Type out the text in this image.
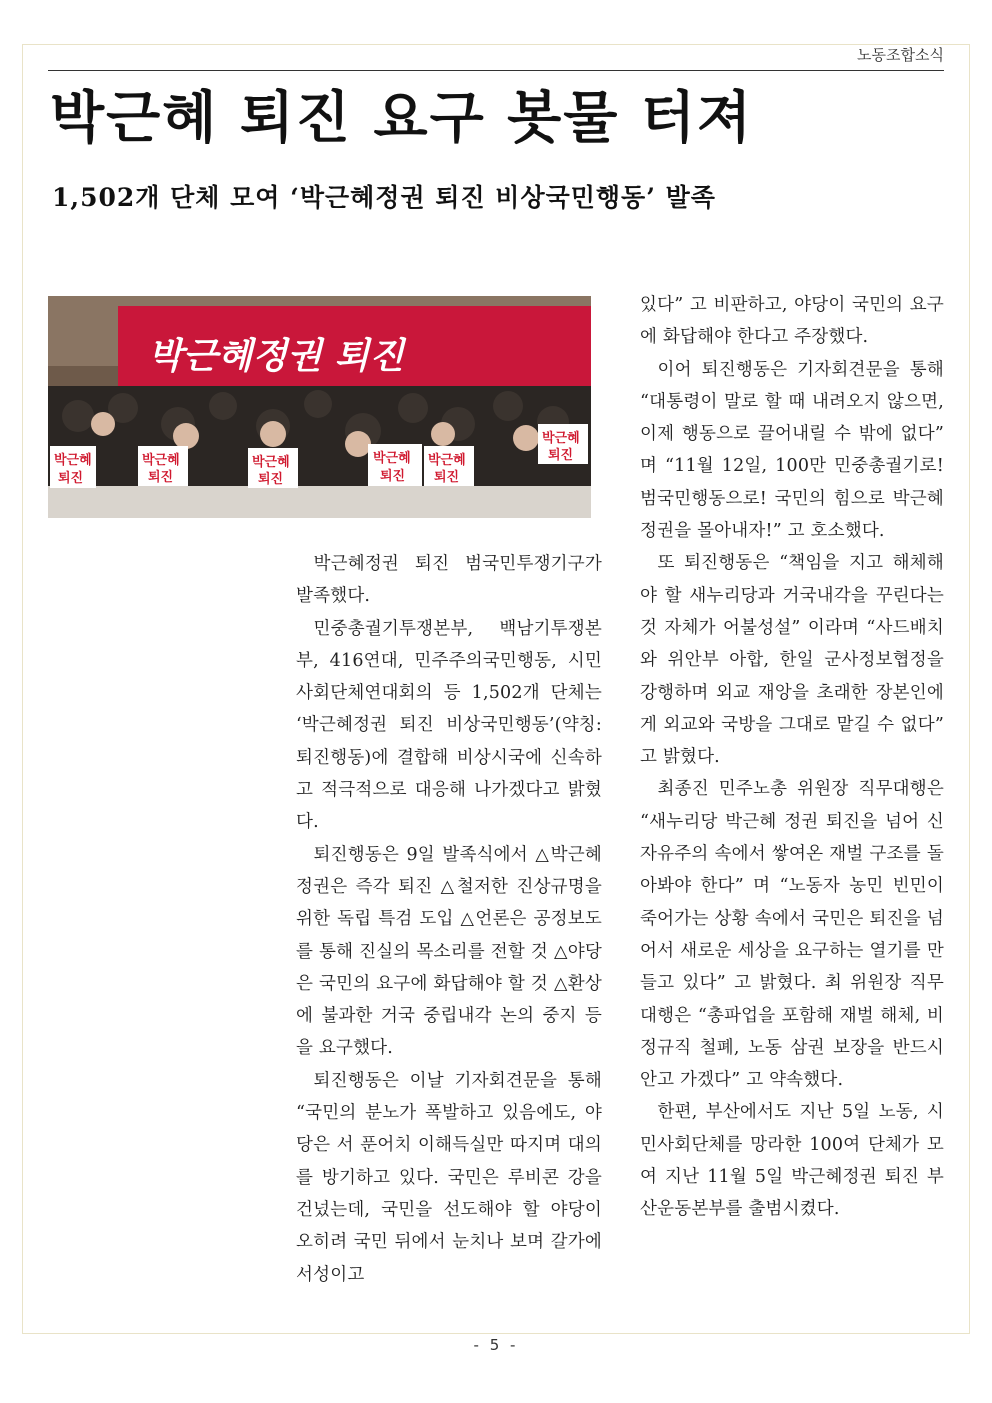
노동조합소식
박근혜 퇴진 요구 봇물 터져
1,502개 단체 모여 ‘박근혜정권 퇴진 비상국민행동’ 발족
박근혜정권 퇴진
박근혜
퇴진
박근혜
퇴진
박근혜
퇴진
박근혜
퇴진
박근혜
퇴진
박근혜
퇴진

박근혜정권 퇴진 범국민투쟁기구가 발족했다.

민중총궐기투쟁본부, 백남기투쟁본부, 416연대, 민주주의국민행동, 시민사회단체연대회의 등 1,502개 단체는 ‘박근혜정권 퇴진 비상국민행동’(약칭: 퇴진행동)에 결합해 비상시국에 신속하고 적극적으로 대응해 나가겠다고 밝혔다.

퇴진행동은 9일 발족식에서 △박근혜 정권은 즉각 퇴진 △철저한 진상규명을 위한 독립 특검 도입 △언론은 공정보도를 통해 진실의 목소리를 전할 것 △야당은 국민의 요구에 화답해야 할 것 △환상에 불과한 거국 중립내각 논의 중지 등을 요구했다.

퇴진행동은 이날 기자회견문을 통해 “국민의 분노가 폭발하고 있음에도, 야당은 서 푼어치 이해득실만 따지며 대의를 방기하고 있다. 국민은 루비콘 강을 건넜는데, 국민을 선도해야 할 야당이 오히려 국민 뒤에서 눈치나 보며 갈가에 서성이고

있다” 고 비판하고, 야당이 국민의 요구에 화답해야 한다고 주장했다.

이어 퇴진행동은 기자회견문을 통해 “대통령이 말로 할 때 내려오지 않으면, 이제 행동으로 끌어내릴 수 밖에 없다” 며 “11월 12일, 100만 민중총궐기로! 범국민행동으로! 국민의 힘으로 박근혜 정권을 몰아내자!” 고 호소했다.

또 퇴진행동은 “책임을 지고 해체해야 할 새누리당과 거국내각을 꾸린다는 것 자체가 어불성설” 이라며 “사드배치와 위안부 아합, 한일 군사정보협정을 강행하며 외교 재앙을 초래한 장본인에게 외교와 국방을 그대로 맡길 수 없다” 고 밝혔다.

최종진 민주노총 위원장 직무대행은 “새누리당 박근혜 정권 퇴진을 넘어 신자유주의 속에서 쌓여온 재벌 구조를 돌아봐야 한다” 며 “노동자 농민 빈민이 죽어가는 상황 속에서 국민은 퇴진을 넘어서 새로운 세상을 요구하는 열기를 만들고 있다” 고 밝혔다. 최 위원장 직무대행은 “총파업을 포함해 재벌 해체, 비정규직 철폐, 노동 삼권 보장을 반드시 안고 가겠다” 고 약속했다.

한편, 부산에서도 지난 5일 노동, 시민사회단체를 망라한 100여 단체가 모여 지난 11월 5일 박근혜정권 퇴진 부산운동본부를 출범시켰다.

- 5 -
